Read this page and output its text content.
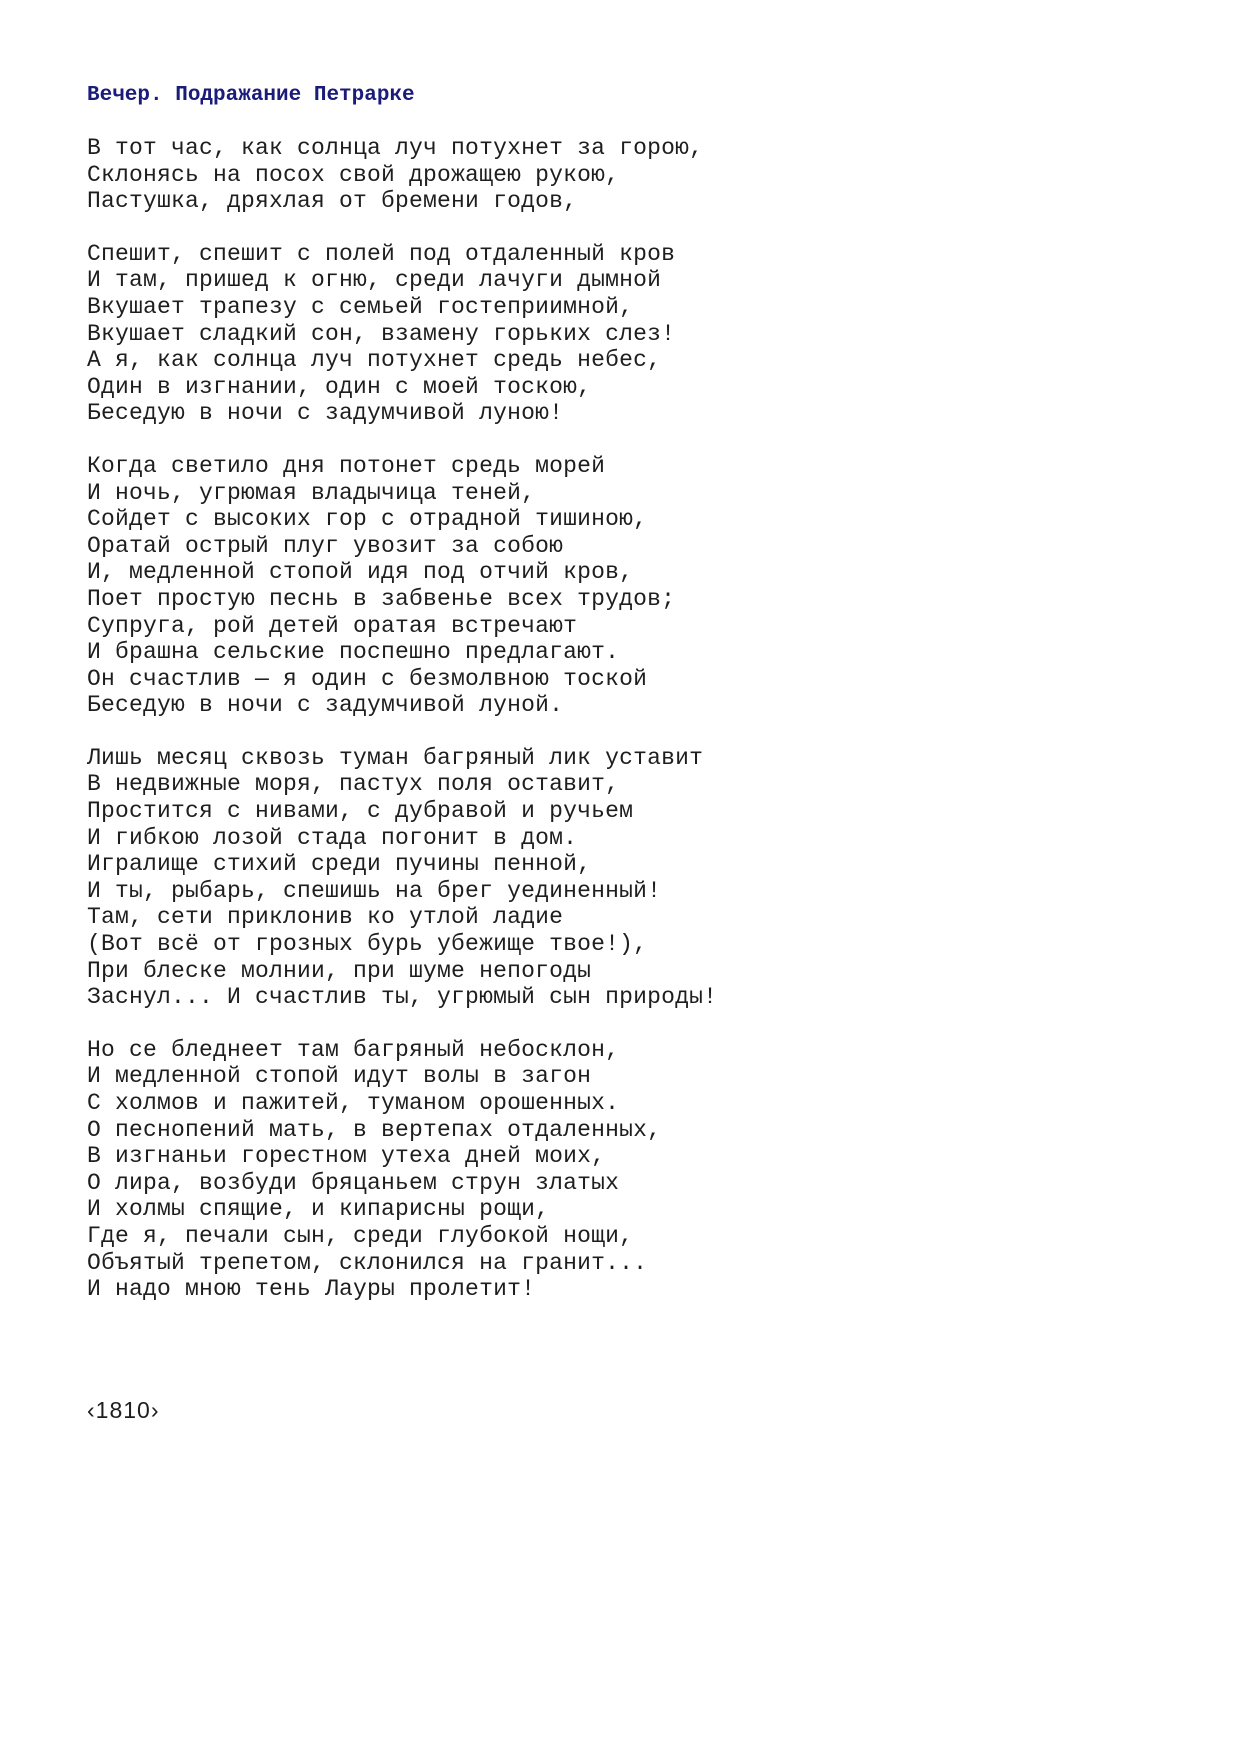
Вечер. Подражание Петрарке
В тот час, как солнца луч потухнет за горою,
Склонясь на посох свой дрожащею рукою,
Пастушка, дряхлая от бремени годов,
Спешит, спешит с полей под отдаленный кров
И там, пришед к огню, среди лачуги дымной
Вкушает трапезу с семьей гостеприимной,
Вкушает сладкий сон, взамену горьких слез!
А я, как солнца луч потухнет средь небес,
Один в изгнании, один с моей тоскою,
Беседую в ночи с задумчивой луною!
Когда светило дня потонет средь морей
И ночь, угрюмая владычица теней,
Сойдет с высоких гор с отрадной тишиною,
Оратай острый плуг увозит за собою
И, медленной стопой идя под отчий кров,
Поет простую песнь в забвенье всех трудов;
Супруга, рой детей оратая встречают
И брашна сельские поспешно предлагают.
Он счастлив — я один с безмолвною тоской
Беседую в ночи с задумчивой луной.
Лишь месяц сквозь туман багряный лик уставит
В недвижные моря, пастух поля оставит,
Простится с нивами, с дубравой и ручьем
И гибкою лозой стада погонит в дом.
Игралище стихий среди пучины пенной,
И ты, рыбарь, спешишь на брег уединенный!
Там, сети приклонив ко утлой ладие
(Вот всё от грозных бурь убежище твое!),
При блеске молнии, при шуме непогоды
Заснул... И счастлив ты, угрюмый сын природы!
Но се бледнеет там багряный небосклон,
И медленной стопой идут волы в загон
С холмов и пажитей, туманом орошенных.
О песнопений мать, в вертепах отдаленных,
В изгнаньи горестном утеха дней моих,
О лира, возбуди бряцаньем струн златых
И холмы спящие, и кипарисны рощи,
Где я, печали сын, среди глубокой нощи,
Объятый трепетом, склонился на гранит...
И надо мною тень Лауры пролетит!
‹1810›
